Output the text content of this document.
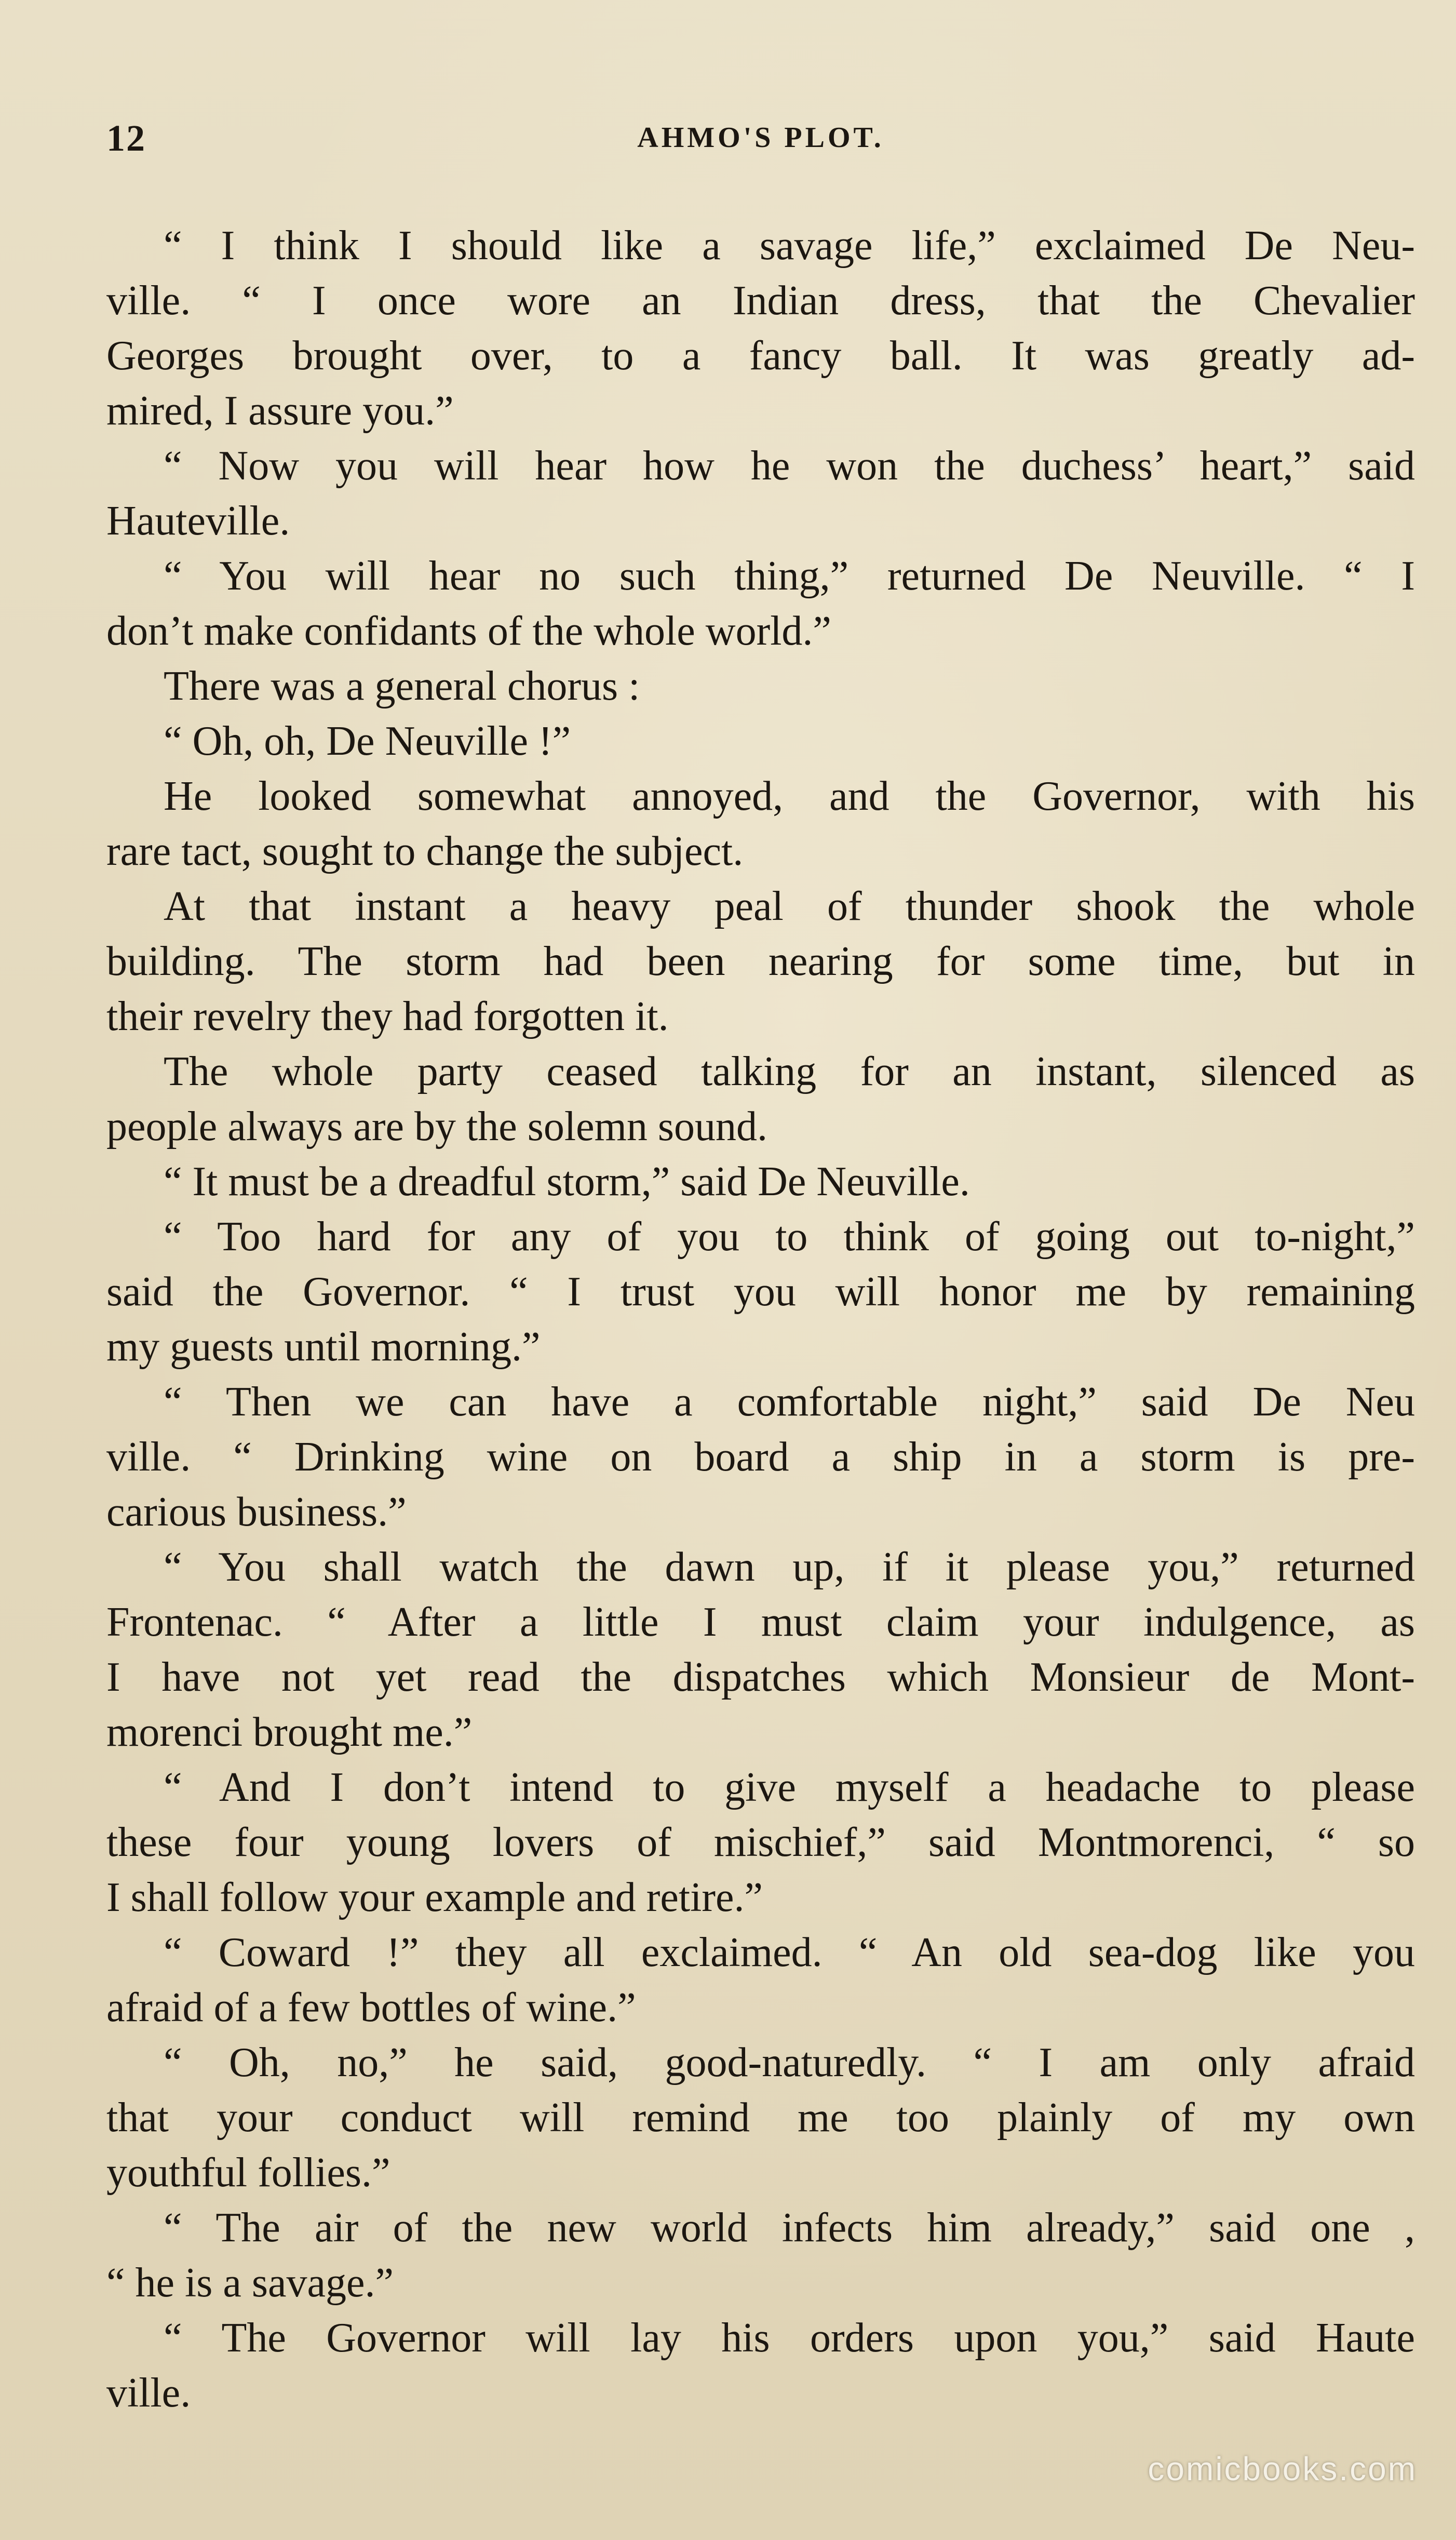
12	AHMO'S PLOT.
“ I think I should like a savage life,” exclaimed De Neu-
ville. “ I once wore an Indian dress, that the Chevalier
Georges brought over, to a fancy ball. It was greatly ad-
mired, I assure you.”
“ Now you will hear how he won the duchess’ heart,” said
Hauteville.
“ You will hear no such thing,” returned De Neuville. “ I
don’t make confidants of the whole world.”
There was a general chorus :
“ Oh, oh, De Neuville !”
He looked somewhat annoyed, and the Governor, with his
rare tact, sought to change the subject.
At that instant a heavy peal of thunder shook the whole
building. The storm had been nearing for some time, but in
their revelry they had forgotten it.
The whole party ceased talking for an instant, silenced as
people always are by the solemn sound.
“ It must be a dreadful storm,” said De Neuville.
“ Too hard for any of you to think of going out to-night,”
said the Governor. “ I trust you will honor me by remaining
my guests until morning.”
“ Then we can have a comfortable night,” said De Neu
ville. “ Drinking wine on board a ship in a storm is pre-
carious business.”
“ You shall watch the dawn up, if it please you,” returned
Frontenac. “ After a little I must claim your indulgence, as
I have not yet read the dispatches which Monsieur de Mont-
morenci brought me.”
“ And I don’t intend to give myself a headache to please
these four young lovers of mischief,” said Montmorenci, “ so
I shall follow your example and retire.”
“ Coward !” they all exclaimed. “ An old sea-dog like you
afraid of a few bottles of wine.”
“ Oh, no,” he said, good-naturedly. “ I am only afraid
that your conduct will remind me too plainly of my own
youthful follies.”
“ The air of the new world infects him already,” said one ,
“ he is a savage.”
“ The Governor will lay his orders upon you,” said Haute
ville.
comicbooks.com
